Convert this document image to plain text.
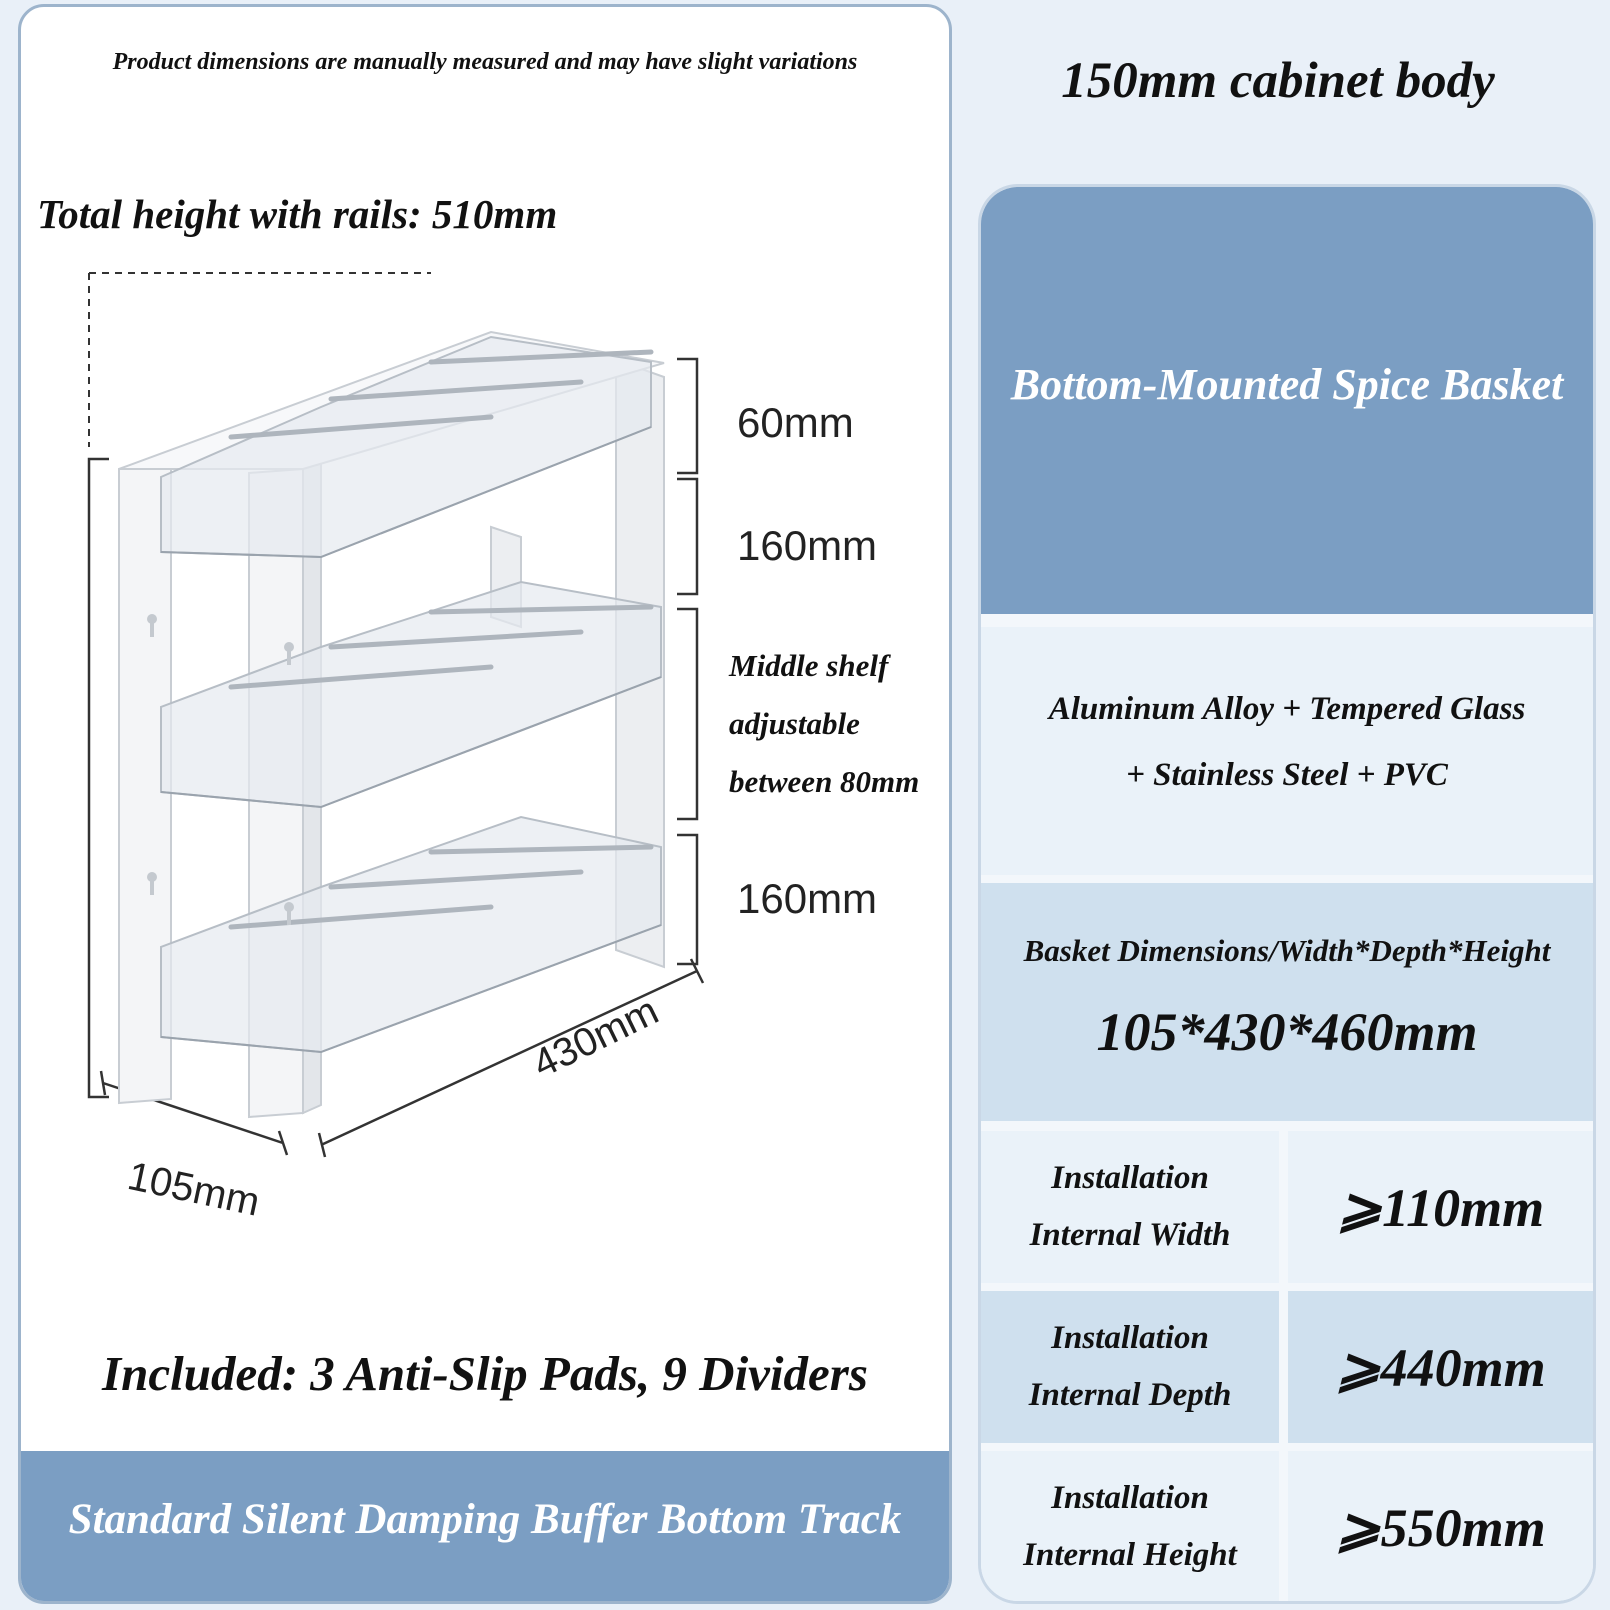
Product dimensions are manually measured and may have slight variations
Total height with rails: 510mm
60mm
160mm
160mm
430mm
105mm
Middle shelf
adjustable
between 80mm
Included: 3 Anti-Slip Pads, 9 Dividers
Standard Silent Damping Buffer Bottom Track
150mm cabinet body
Bottom-Mounted Spice Basket
Aluminum Alloy + Tempered Glass
+ Stainless Steel + PVC
Basket Dimensions/Width*Depth*Height
105*430*460mm
Installation
Internal Width	⩾110mm
Installation
Internal Depth	⩾440mm
Installation
Internal Height	⩾550mm
